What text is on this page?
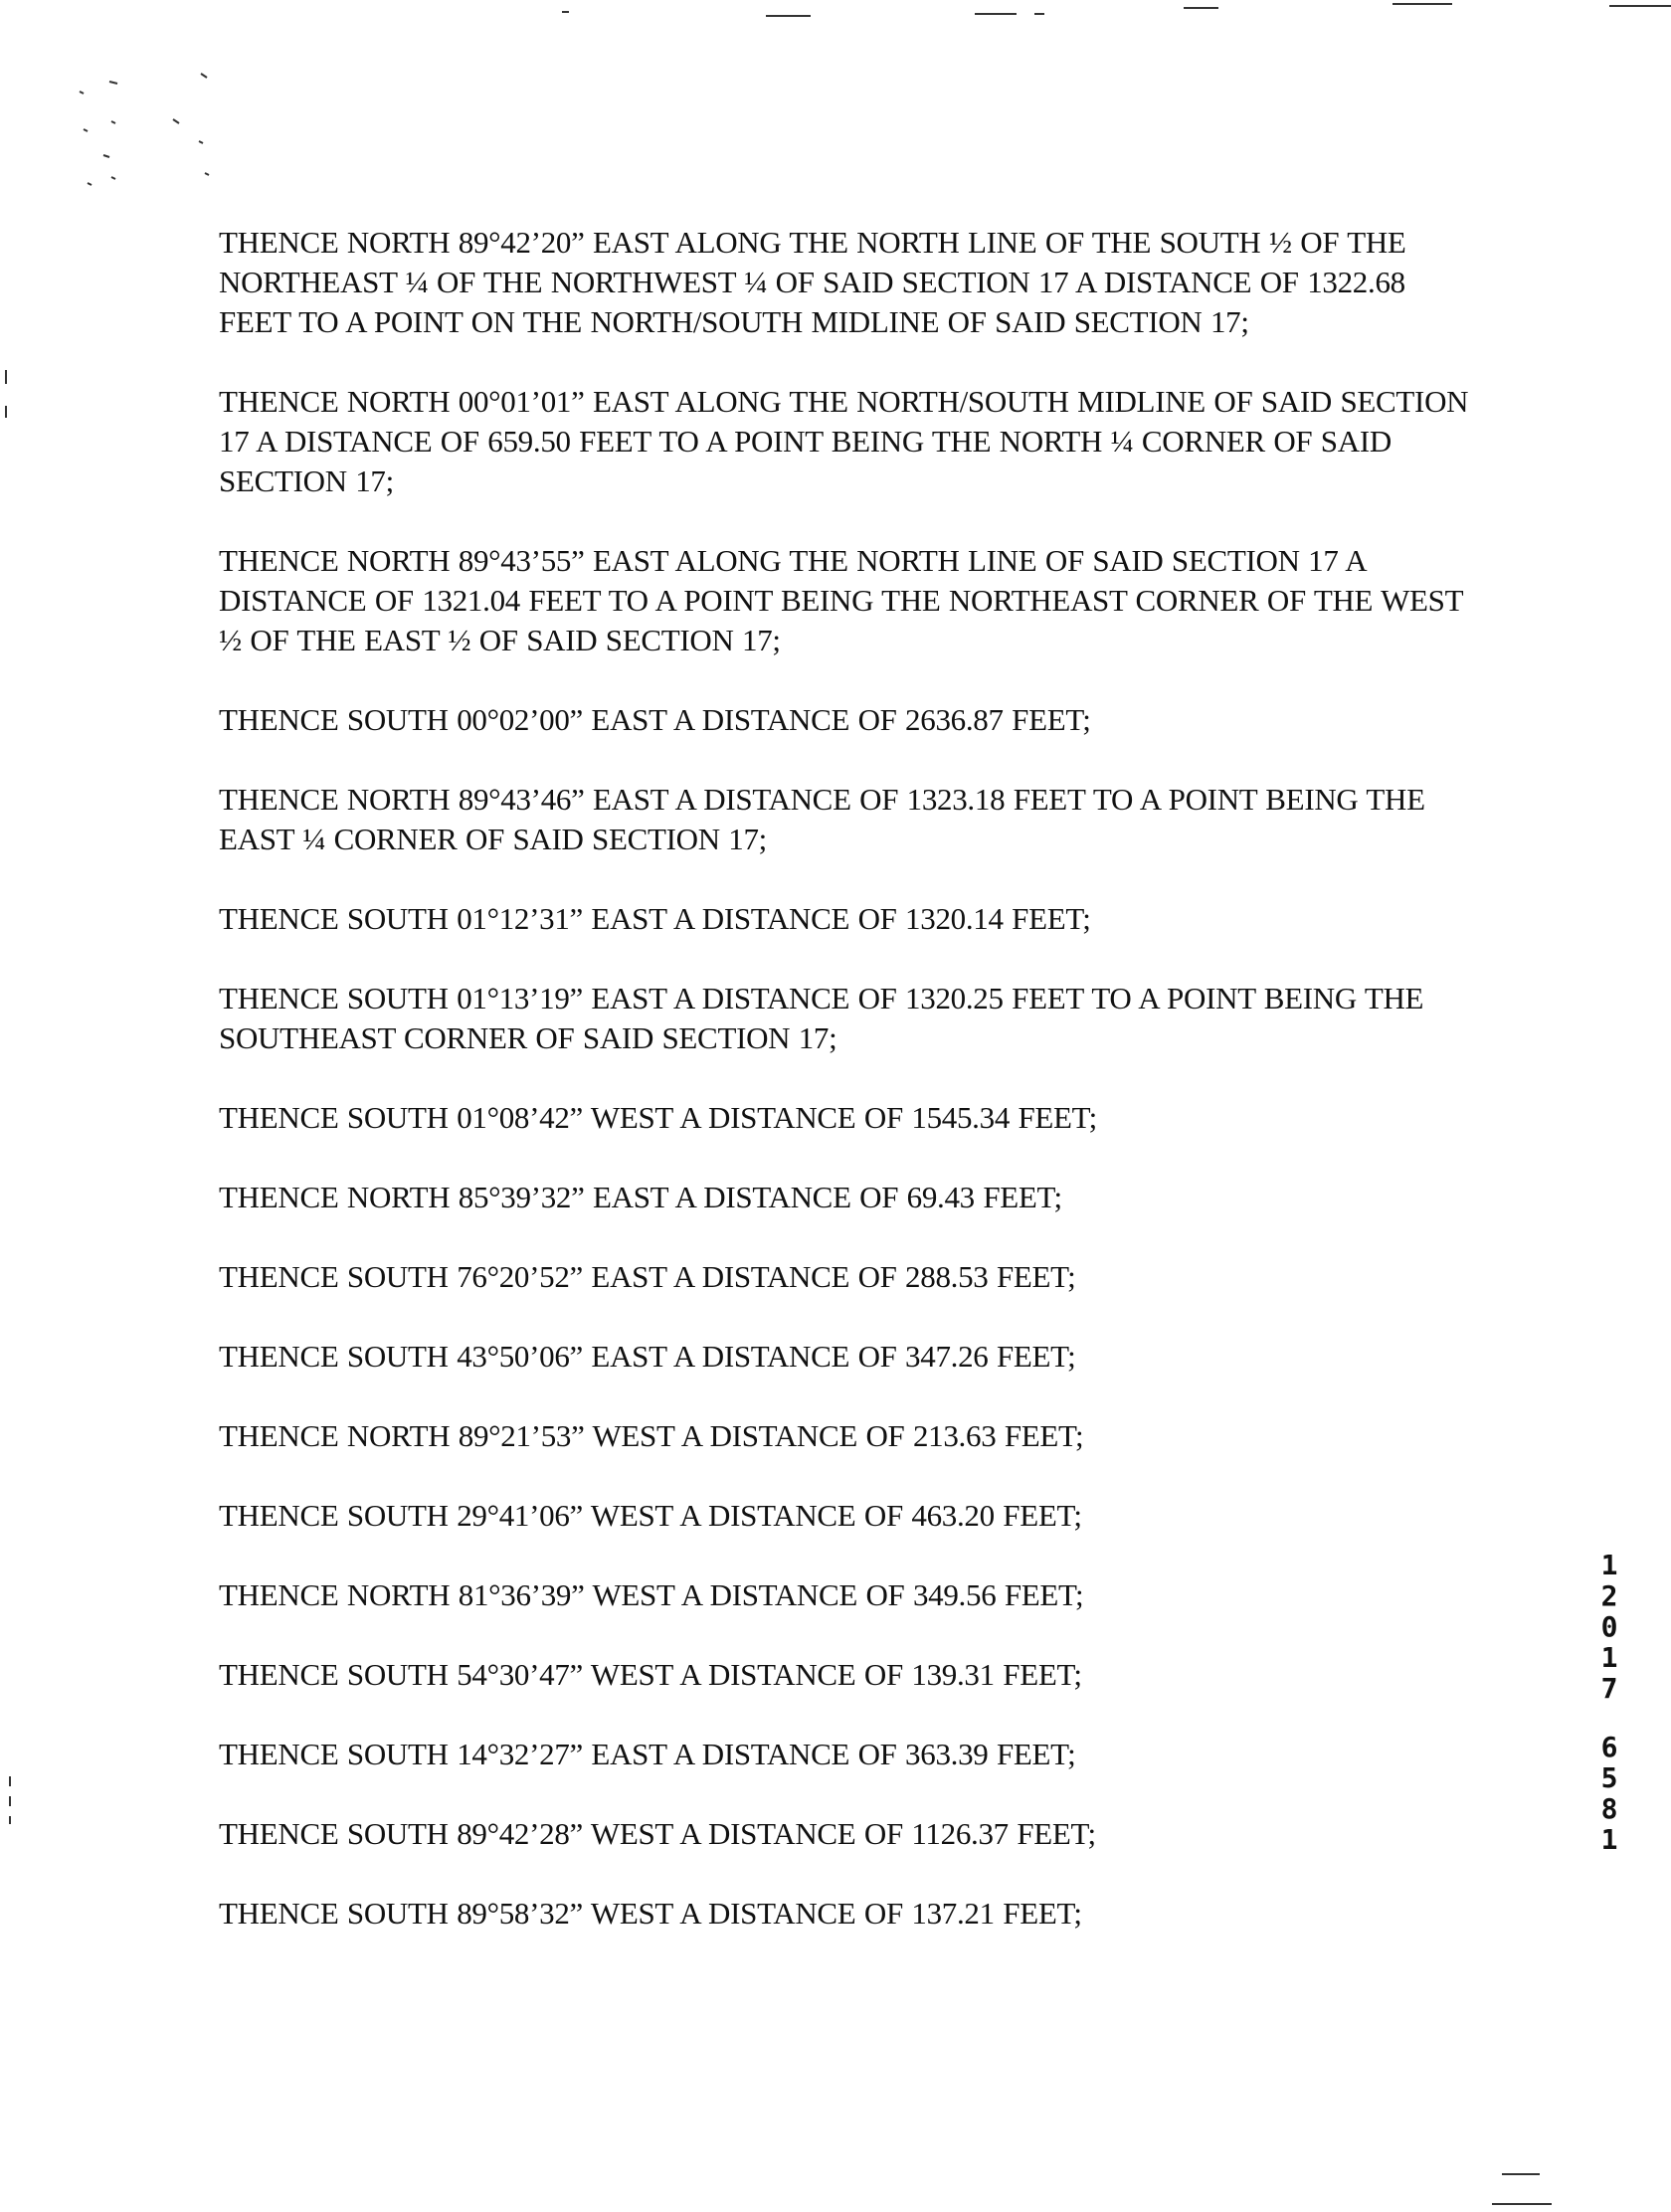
THENCE NORTH 89°42’20” EAST ALONG THE NORTH LINE OF THE SOUTH ½ OF THE NORTHEAST ¼ OF THE NORTHWEST ¼ OF SAID SECTION 17 A DISTANCE OF 1322.68 FEET TO A POINT ON THE NORTH/SOUTH MIDLINE OF SAID SECTION 17;

THENCE NORTH 00°01’01” EAST ALONG THE NORTH/SOUTH MIDLINE OF SAID SECTION 17 A DISTANCE OF 659.50 FEET TO A POINT BEING THE NORTH ¼ CORNER OF SAID SECTION 17;

THENCE NORTH 89°43’55” EAST ALONG THE NORTH LINE OF SAID SECTION 17 A DISTANCE OF 1321.04 FEET TO A POINT BEING THE NORTHEAST CORNER OF THE WEST ½ OF THE EAST ½ OF SAID SECTION 17;

THENCE SOUTH 00°02’00” EAST A DISTANCE OF 2636.87 FEET;

THENCE NORTH 89°43’46” EAST A DISTANCE OF 1323.18 FEET TO A POINT BEING THE EAST ¼ CORNER OF SAID SECTION 17;

THENCE SOUTH 01°12’31” EAST A DISTANCE OF 1320.14 FEET;

THENCE SOUTH 01°13’19” EAST A DISTANCE OF 1320.25 FEET TO A POINT BEING THE SOUTHEAST CORNER OF SAID SECTION 17;

THENCE SOUTH 01°08’42” WEST A DISTANCE OF 1545.34 FEET;

THENCE NORTH 85°39’32” EAST A DISTANCE OF 69.43 FEET;

THENCE SOUTH 76°20’52” EAST A DISTANCE OF 288.53 FEET;

THENCE SOUTH 43°50’06” EAST A DISTANCE OF 347.26 FEET;

THENCE NORTH 89°21’53” WEST A DISTANCE OF 213.63 FEET;

THENCE SOUTH 29°41’06” WEST A DISTANCE OF 463.20 FEET;

THENCE NORTH 81°36’39” WEST A DISTANCE OF 349.56 FEET;

THENCE SOUTH 54°30’47” WEST A DISTANCE OF 139.31 FEET;

THENCE SOUTH 14°32’27” EAST A DISTANCE OF 363.39 FEET;

THENCE SOUTH 89°42’28” WEST A DISTANCE OF 1126.37 FEET;

THENCE SOUTH 89°58’32” WEST A DISTANCE OF 137.21 FEET;

1
2
0
1
7
6
5
8
1
